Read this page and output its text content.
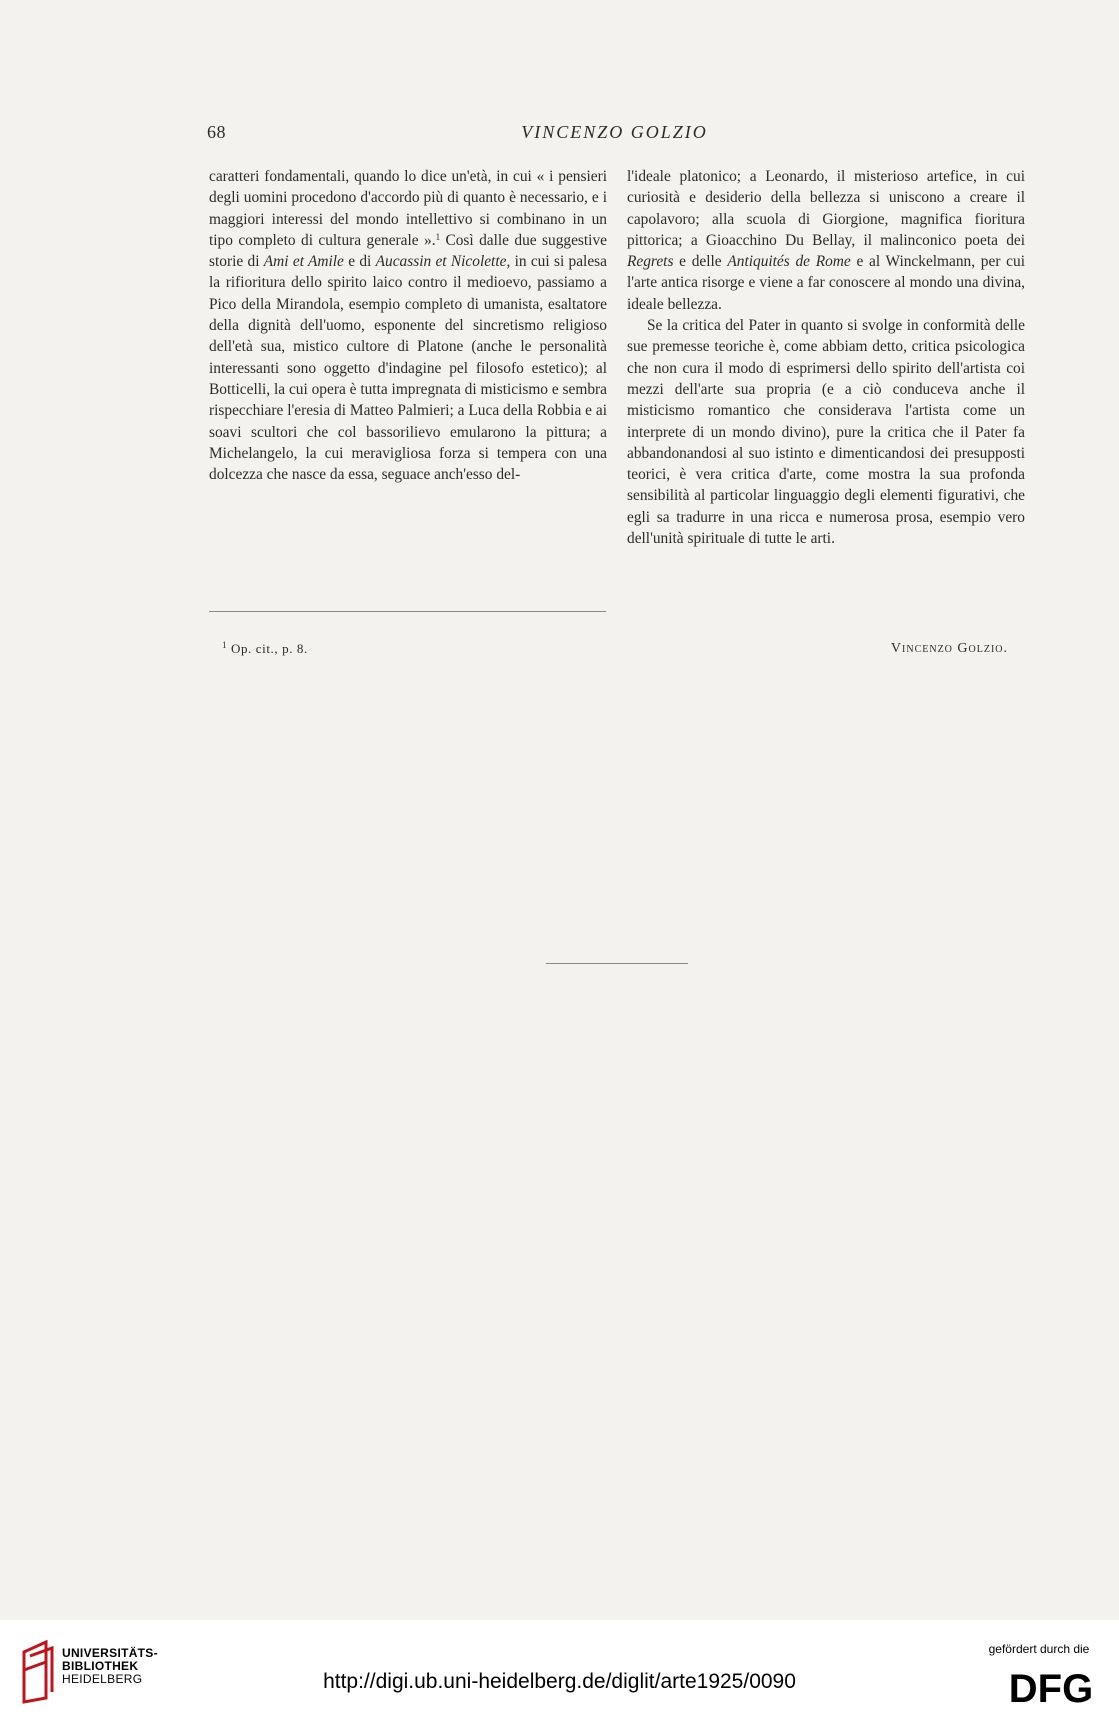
68	VINCENZO GOLZIO

caratteri fondamentali, quando lo dice un'età, in cui « i pensieri degli uomini procedono d'accordo più di quanto è necessario, e i maggiori interessi del mondo intellettivo si combinano in un tipo completo di cultura generale ».$^1$ Così dalle due suggestive storie di Ami et Amile e di Aucassin et Nicolette, in cui si palesa la rifioritura dello spirito laico contro il medioevo, passiamo a Pico della Mirandola, esempio completo di umanista, esaltatore della dignità dell'uomo, esponente del sincretismo religioso dell'età sua, mistico cultore di Platone (anche le personalità interessanti sono oggetto d'indagine pel filosofo estetico); al Botticelli, la cui opera è tutta impregnata di misticismo e sembra rispecchiare l'eresia di Matteo Palmieri; a Luca della Robbia e ai soavi scultori che col bassorilievo emularono la pittura; a Michelangelo, la cui meravigliosa forza si tempera con una dolcezza che nasce da essa, seguace anch'esso del-

l'ideale platonico; a Leonardo, il misterioso artefice, in cui curiosità e desiderio della bellezza si uniscono a creare il capolavoro; alla scuola di Giorgione, magnifica fioritura pittorica; a Gioacchino Du Bellay, il malinconico poeta dei Regrets e delle Antiquités de Rome e al Winckelmann, per cui l'arte antica risorge e viene a far conoscere al mondo una divina, ideale bellezza.

Se la critica del Pater in quanto si svolge in conformità delle sue premesse teoriche è, come abbiam detto, critica psicologica che non cura il modo di esprimersi dello spirito dell'artista coi mezzi dell'arte sua propria (e a ciò conduceva anche il misticismo romantico che considerava l'artista come un interprete di un mondo divino), pure la critica che il Pater fa abbandonandosi al suo istinto e dimenticandosi dei presupposti teorici, è vera critica d'arte, come mostra la sua profonda sensibilità al particolar linguaggio degli elementi figurativi, che egli sa tradurre in una ricca e numerosa prosa, esempio vero dell'unità spirituale di tutte le arti.

$^1$ Op. cit., p. 8.	Vincenzo Golzio.
UNIVERSITÄTS-
BIBLIOTHEK
HEIDELBERG	http://digi.ub.uni-heidelberg.de/diglit/arte1925/0090
gefördert durch die
DFG
